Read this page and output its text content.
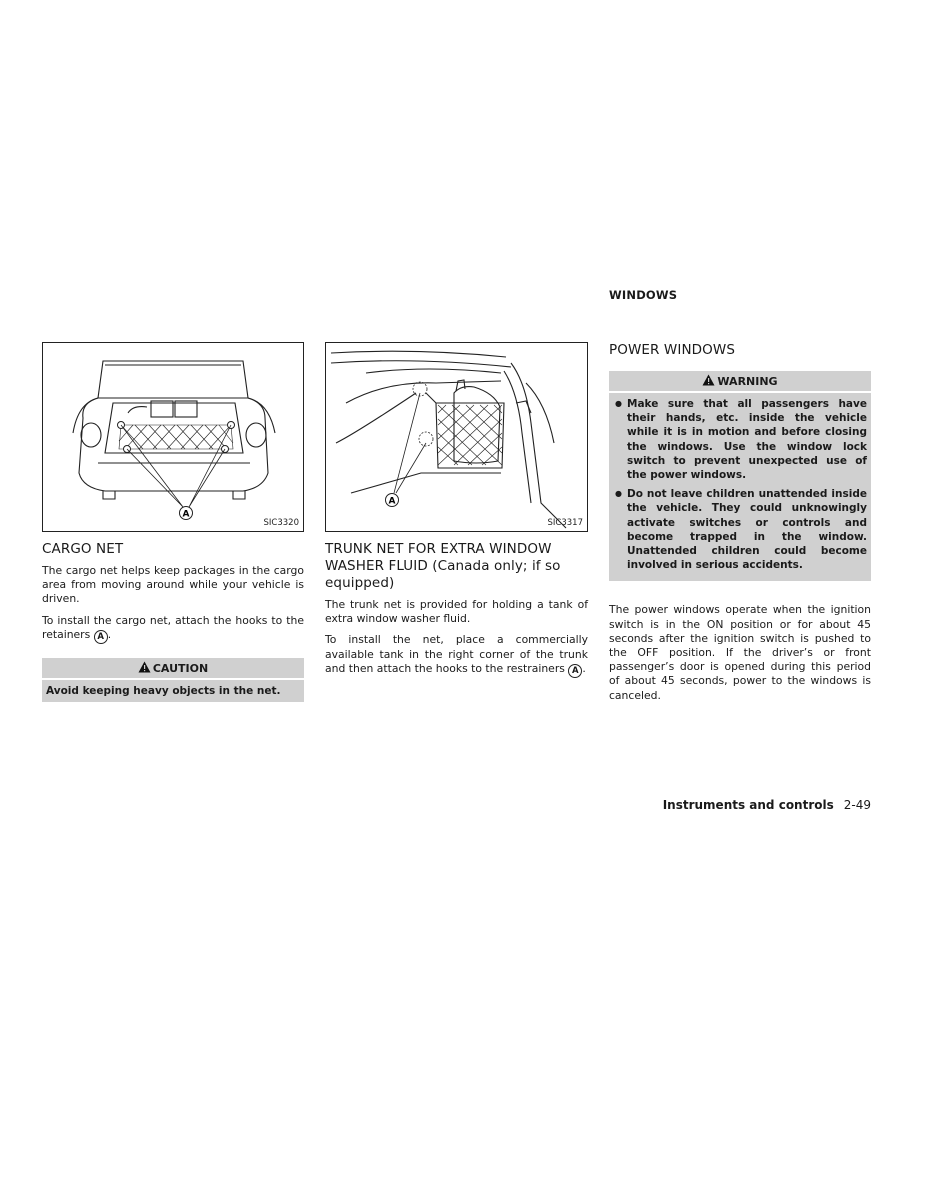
A
SIC3320
CARGO NET

The cargo net helps keep packages in the cargo area from moving around while your vehicle is driven.

To install the cargo net, attach the hooks to the retainers A .

CAUTION
Avoid keeping heavy objects in the net.
A
SIC3317
TRUNK NET FOR EXTRA WINDOW WASHER FLUID (Canada only; if so equipped)

The trunk net is provided for holding a tank of extra window washer fluid.

To install the net, place a commercially available tank in the right corner of the trunk and then attach the hooks to the restrainers A .

WINDOWS
POWER WINDOWS
WARNING
● Make sure that all passengers have their hands, etc. inside the vehicle while it is in motion and before closing the windows. Use the window lock switch to prevent unexpected use of the power windows.
● Do not leave children unattended inside the vehicle. They could unknowingly activate switches or controls and become trapped in the window. Unattended children could become involved in serious accidents.

The power windows operate when the ignition switch is in the ON position or for about 45 seconds after the ignition switch is pushed to the OFF position. If the driver’s or front passenger’s door is opened during this period of about 45 seconds, power to the windows is canceled.

Instruments and controls 2-49
